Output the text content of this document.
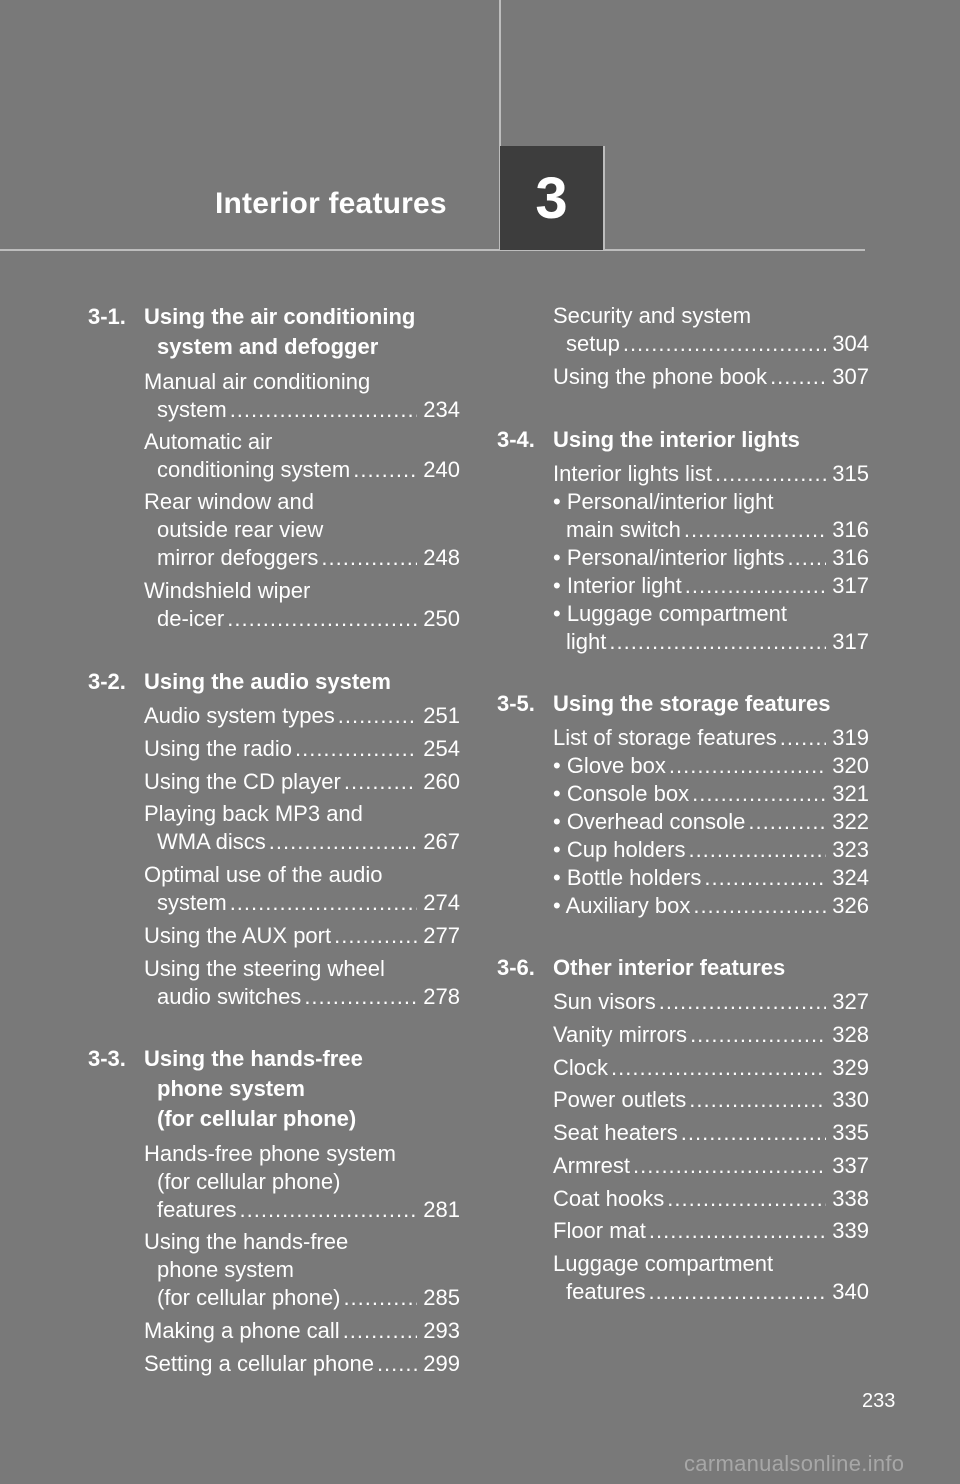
Interior features 3
3-1. Using the air conditioning
system and defogger
Manual air conditioning
system .....	234
Automatic air
conditioning system .....	240
Rear window and
outside rear view
mirror defoggers .....	248
Windshield wiper
de-icer .....	250
3-2. Using the audio system
Audio system types .....	251
Using the radio .....	254
Using the CD player .....	260
Playing back MP3 and
WMA discs .....	267
Optimal use of the audio
system .....	274
Using the AUX port .....	277
Using the steering wheel
audio switches .....	278
3-3. Using the hands-free
phone system
(for cellular phone)
Hands-free phone system
(for cellular phone)
features .....	281
Using the hands-free
phone system
(for cellular phone) .....	285
Making a phone call .....	293
Setting a cellular phone ..... 299
Security and system
setup .....	304
Using the phone book .....	307
3-4. Using the interior lights
Interior lights list .....	315
• Personal/interior light
main switch .....	316
• Personal/interior lights ..... 316
• Interior light .....	317
• Luggage compartment
light .....	317
3-5. Using the storage features
List of storage features .....	319
• Glove box .....	320
• Console box .....	321
• Overhead console .....	322
• Cup holders .....	323
• Bottle holders .....	324
• Auxiliary box .....	326
3-6. Other interior features
Sun visors .....	327
Vanity mirrors .....	328
Clock .....	329
Power outlets .....	330
Seat heaters .....	335
Armrest .....	337
Coat hooks .....	338
Floor mat .....	339
Luggage compartment
features .....	340
233
carmanualsonline.info
